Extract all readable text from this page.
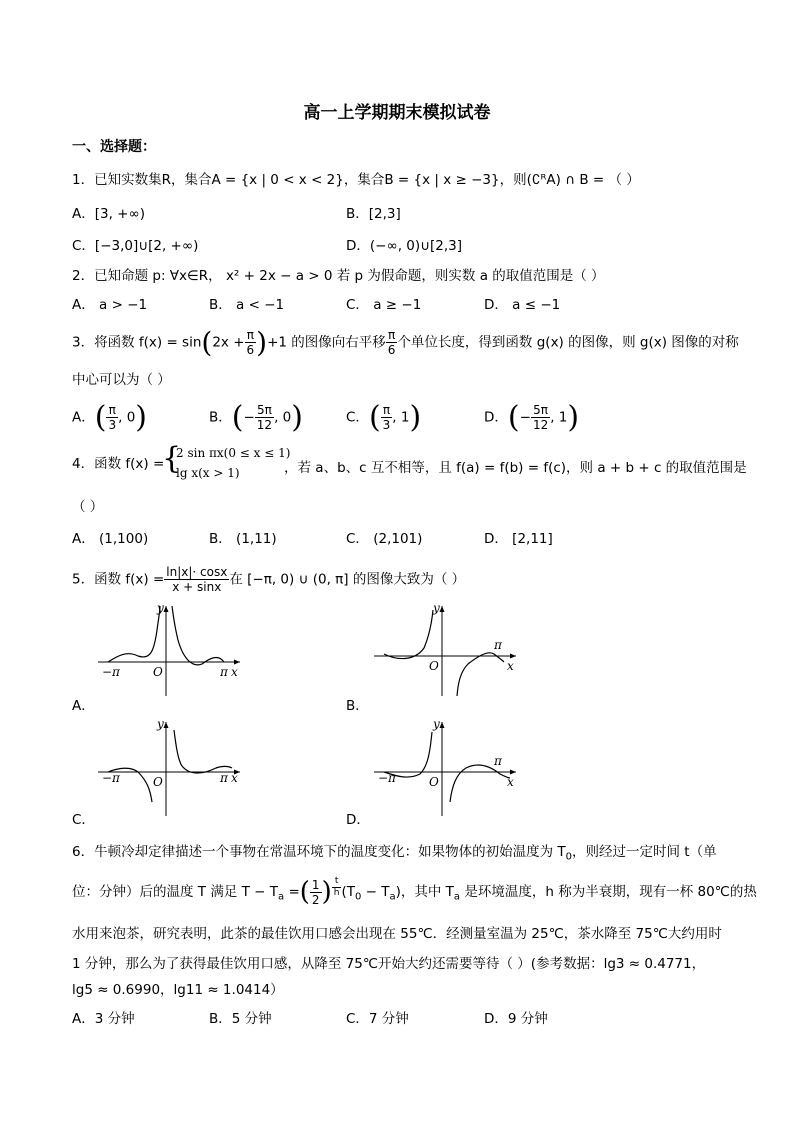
高一上学期期末模拟试卷
一、选择题：
1．已知实数集R，集合A = {x | 0 < x < 2}，集合B = {x | x ≥ −3}，则(∁ᴿA) ∩ B = （ ）
A．[3, +∞)	B．[2,3]
C．[−3,0]∪[2, +∞)	D．(−∞, 0)∪[2,3]
2．已知命题 p: ∀x∈R， x² + 2x − a > 0 若 p 为假命题，则实数 a 的取值范围是（ ）
A． a > −1	B． a < −1	C． a ≥ −1	D． a ≤ −1
3．将函数 $f(x) = \sin(2x + \frac{\pi}{6} )+1$ 的图像向右平移 $\frac{\pi}{6}$ 个单位长度，得到函数 g(x) 的图像，则 g(x) 图像的对称
中心可以为（ ）
A．( $\frac{\pi}{3}$ , 0)	B．(− $\frac{5\pi}{12}$ , 0)	C．( $\frac{\pi}{3}$ , 1)	D．(− $\frac{5\pi}{12}$ , 1)
4．函数 f(x) =
{
2 sin πx(0 ≤ x ≤ 1)
lg x(x > 1)	，若 a、b、c 互不相等，且 f(a) = f(b) = f(c)，则 a + b + c 的取值范围是
（ ）
A． (1,100)	B． (1,11)	C． (2,101)	D． [2,11]
5．函数 $f(x) = \frac{\ln|x|\cdot \cos x}{x + \sin x}$ 在 [−π, 0) ∪ (0, π] 的图像大致为（ ）
−π	O	π x
y
A．
O
π
x
y
B．
−π	O	π x
y
C．
−π	O
π
x
y
D．
6．牛顿冷却定律描述一个事物在常温环境下的温度变化：如果物体的初始温度为 $T_0$，则经过一定时间 t（单
位：分钟）后的温度 T 满足 $T - T_a$ =( $\frac{1}{2}$ ) $\frac{t}{h} (T_0 - T_a)$，其中 $T_a$ 是环境温度，h 称为半衰期，现有一杯 80℃的热
水用来泡茶，研究表明，此茶的最佳饮用口感会出现在 55℃．经测量室温为 25℃，茶水降至 75℃大约用时
1 分钟，那么为了获得最佳饮用口感，从降至 75℃开始大约还需要等待（ ）(参考数据：lg3 ≈ 0.4771，
lg5 ≈ 0.6990，lg11 ≈ 1.0414）
A．3 分钟	B．5 分钟	C．7 分钟	D．9 分钟
